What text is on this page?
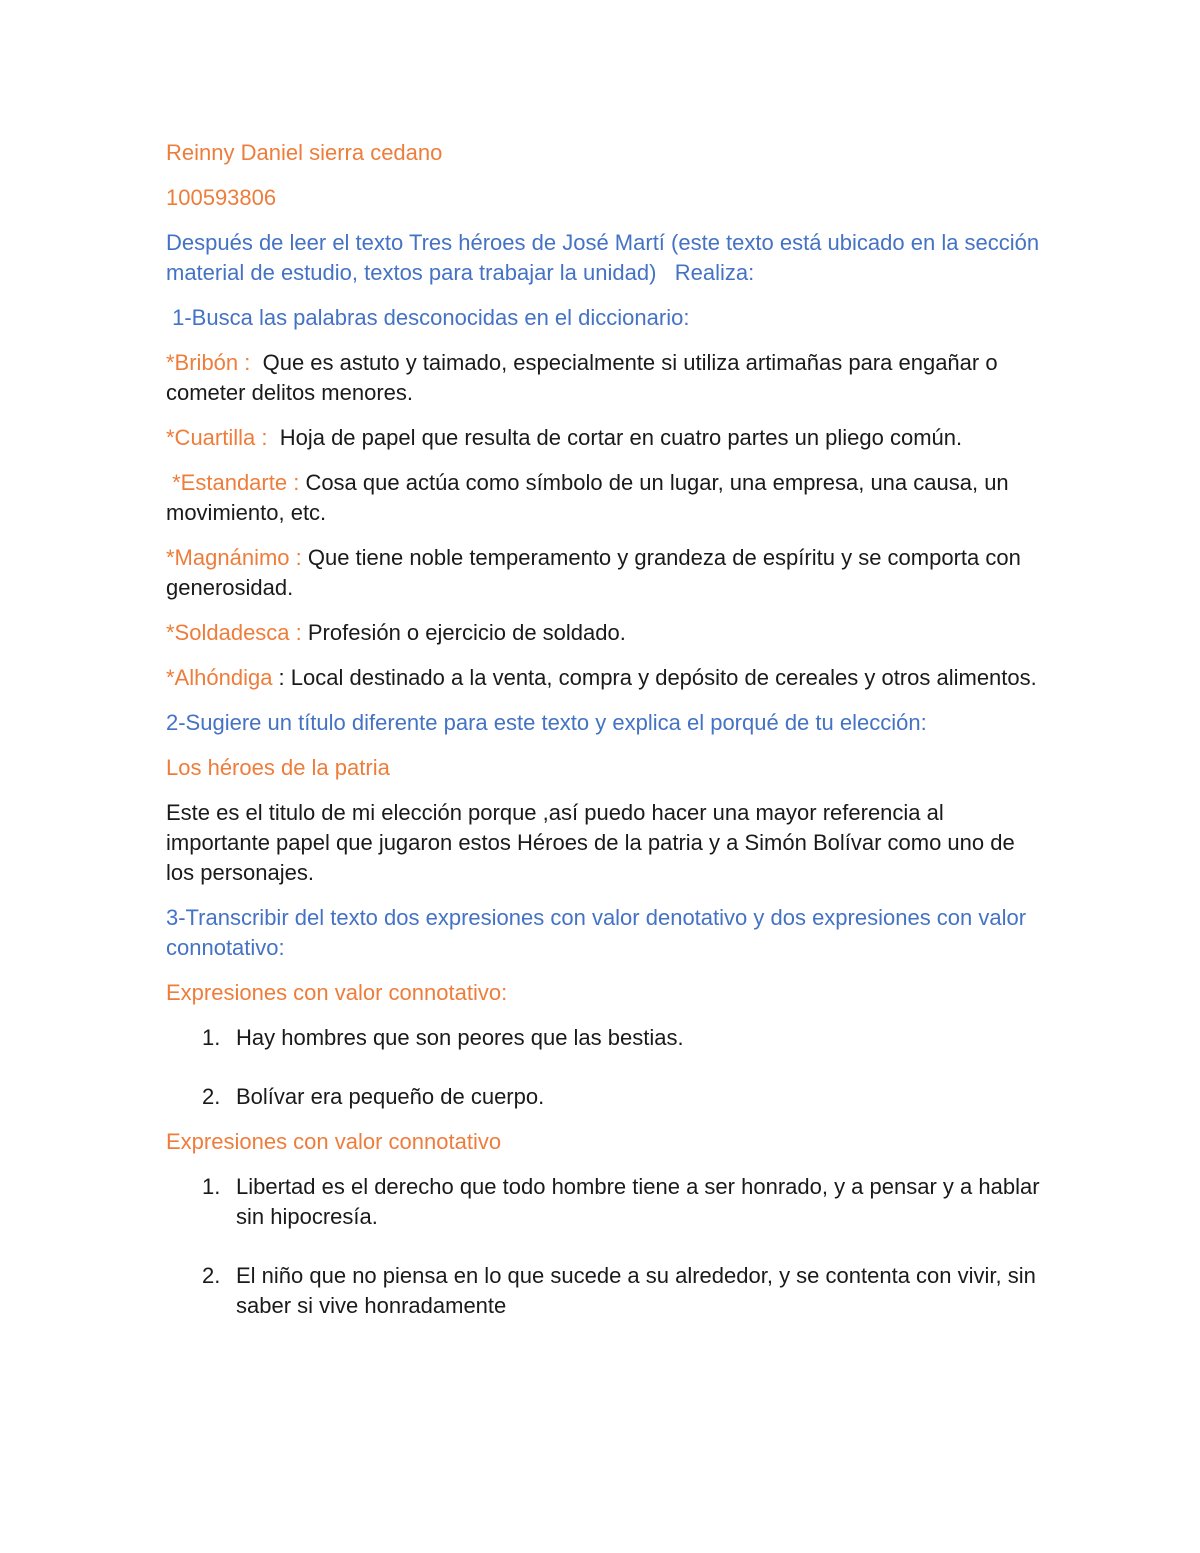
Reinny Daniel sierra cedano

100593806

Después de leer el texto Tres héroes de José Martí (este texto está ubicado en la sección material de estudio, textos para trabajar la unidad)   Realiza:

1-Busca las palabras desconocidas en el diccionario:

*Bribón :  Que es astuto y taimado, especialmente si utiliza artimañas para engañar o cometer delitos menores.

*Cuartilla :  Hoja de papel que resulta de cortar en cuatro partes un pliego común.

*Estandarte : Cosa que actúa como símbolo de un lugar, una empresa, una causa, un movimiento, etc.

*Magnánimo : Que tiene noble temperamento y grandeza de espíritu y se comporta con generosidad.

*Soldadesca : Profesión o ejercicio de soldado.

*Alhóndiga : Local destinado a la venta, compra y depósito de cereales y otros alimentos.

2-Sugiere un título diferente para este texto y explica el porqué de tu elección:

Los héroes de la patria

Este es el titulo de mi elección porque ,así puedo hacer una mayor referencia al importante papel que jugaron estos Héroes de la patria y a Simón Bolívar como uno de los personajes.

3-Transcribir del texto dos expresiones con valor denotativo y dos expresiones con valor connotativo:

Expresiones con valor connotativo:

1. Hay hombres que son peores que las bestias.
2. Bolívar era pequeño de cuerpo.

Expresiones con valor connotativo

1. Libertad es el derecho que todo hombre tiene a ser honrado, y a pensar y a hablar sin hipocresía.
2. El niño que no piensa en lo que sucede a su alrededor, y se contenta con vivir, sin saber si vive honradamente
